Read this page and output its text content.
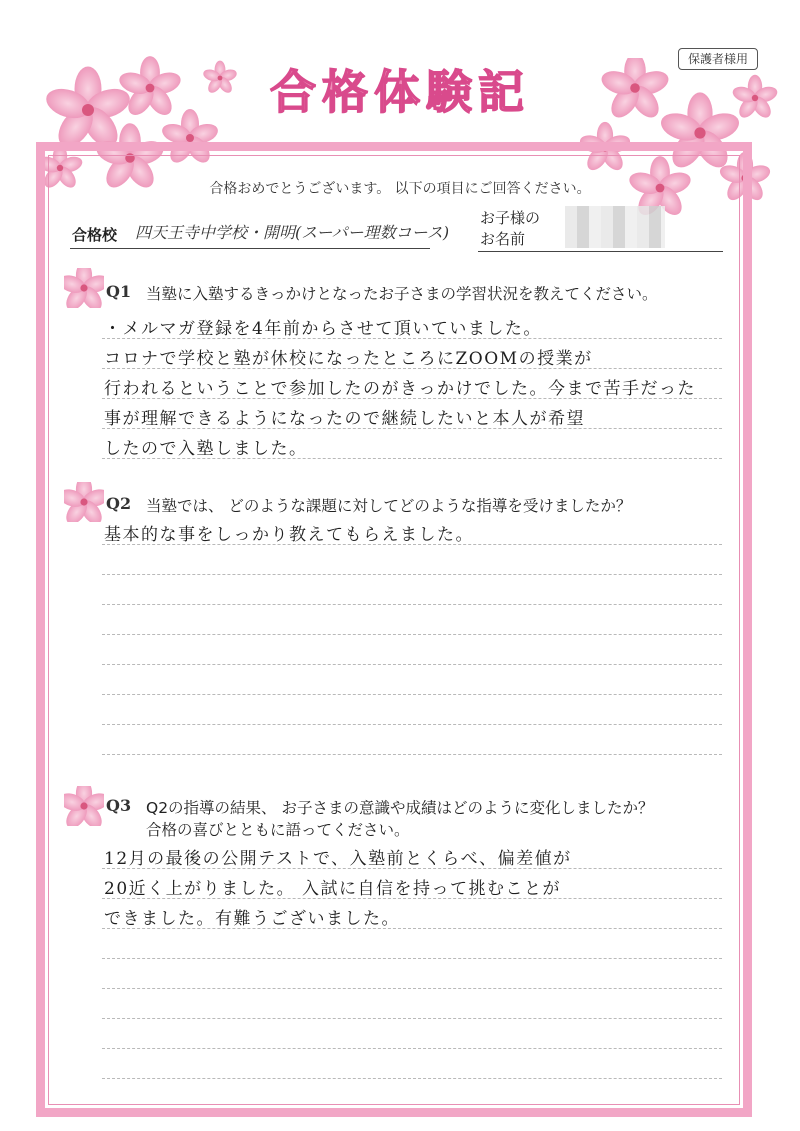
保護者様用
合格体験記
合格おめでとうございます。 以下の項目にご回答ください。
合格校 四天王寺中学校・開明(スーパー理数コース)
お子様の
お名前
Q1 当塾に入塾するきっかけとなったお子さまの学習状況を教えてください。
・メルマガ登録を4年前からさせて頂いていました。
コロナで学校と塾が休校になったところにZOOMの授業が
行われるということで参加したのがきっかけでした。今まで苦手だった
事が理解できるようになったので継続したいと本人が希望
したので入塾しました。
Q2 当塾では、 どのような課題に対してどのような指導を受けましたか？
基本的な事をしっかり教えてもらえました。
Q3 Q2の指導の結果、 お子さまの意識や成績はどのように変化しましたか？
合格の喜びとともに語ってください。
12月の最後の公開テストで、入塾前とくらべ、偏差値が
20近く上がりました。 入試に自信を持って挑むことが
できました。有難うございました。
